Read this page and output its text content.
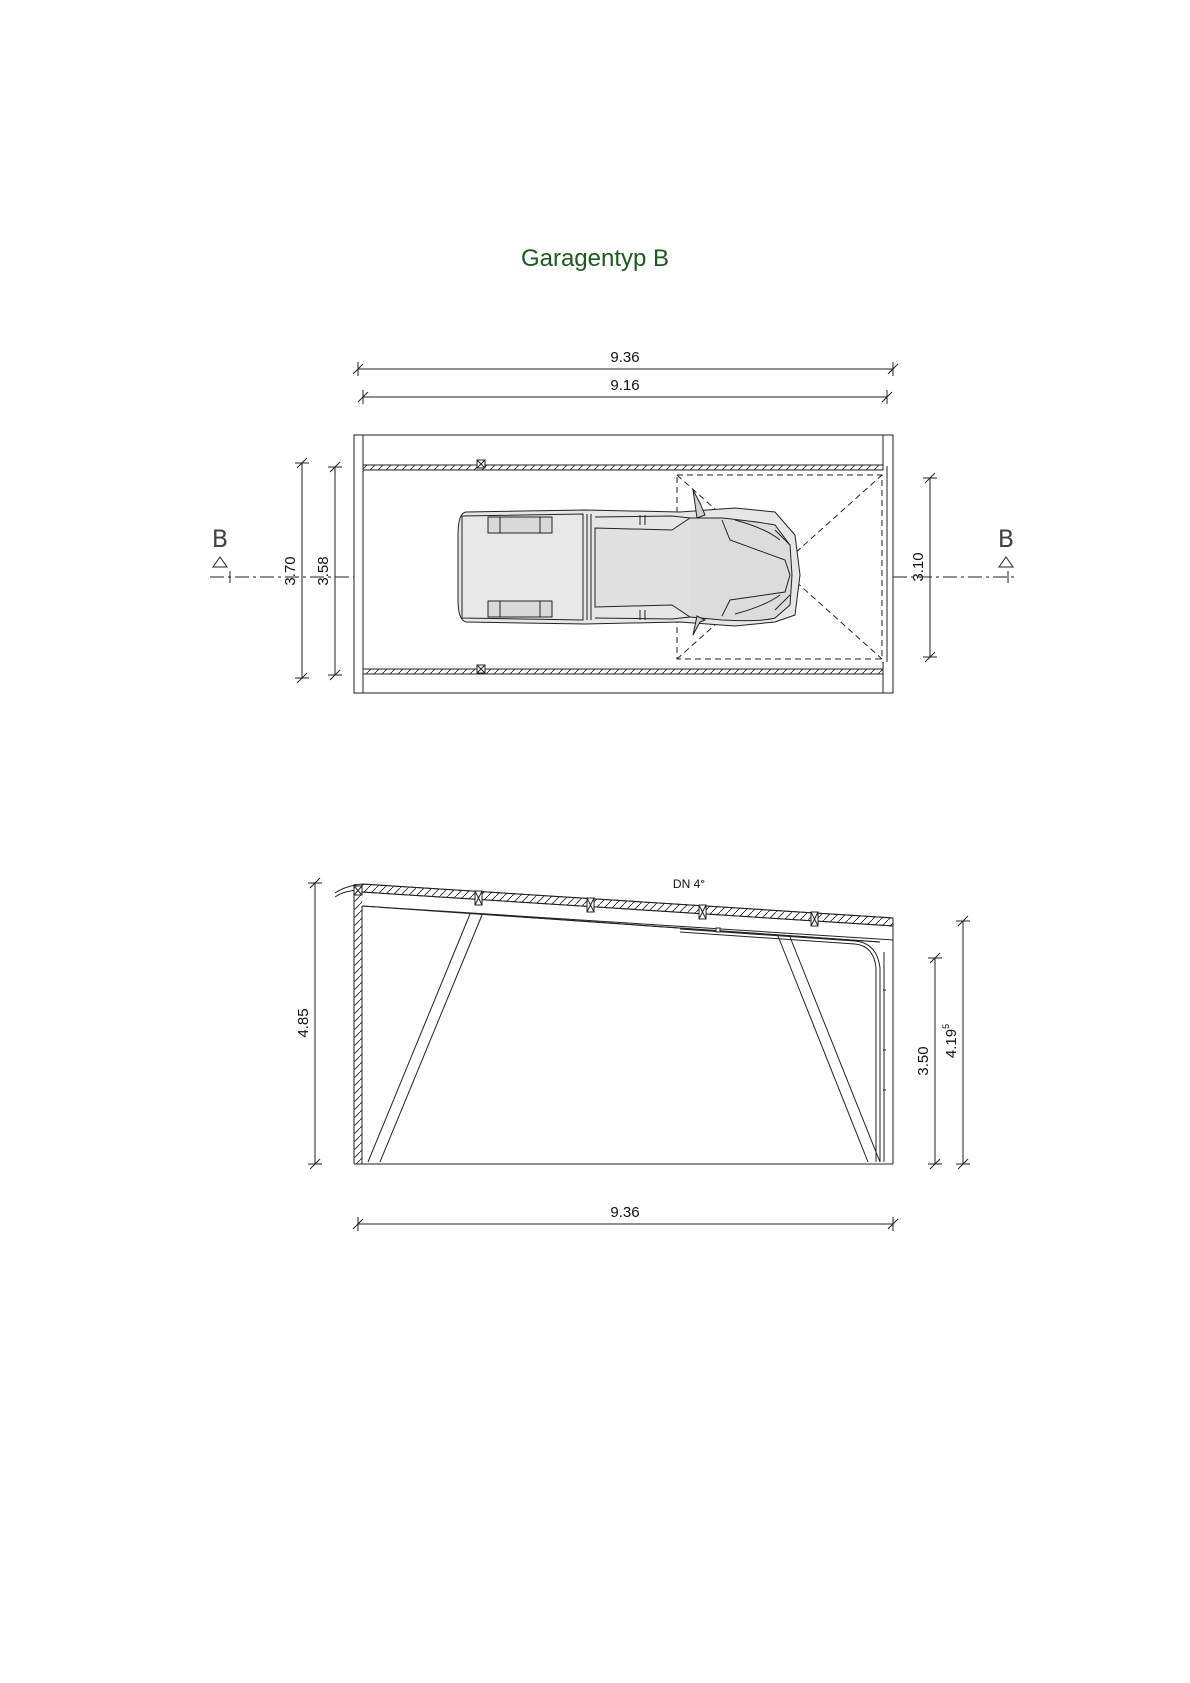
Garagentyp B
9.36
9.16
3.70 3.58	3.10
B	B
DN 4°
4.85
3.50
4.19$^5$
9.36
